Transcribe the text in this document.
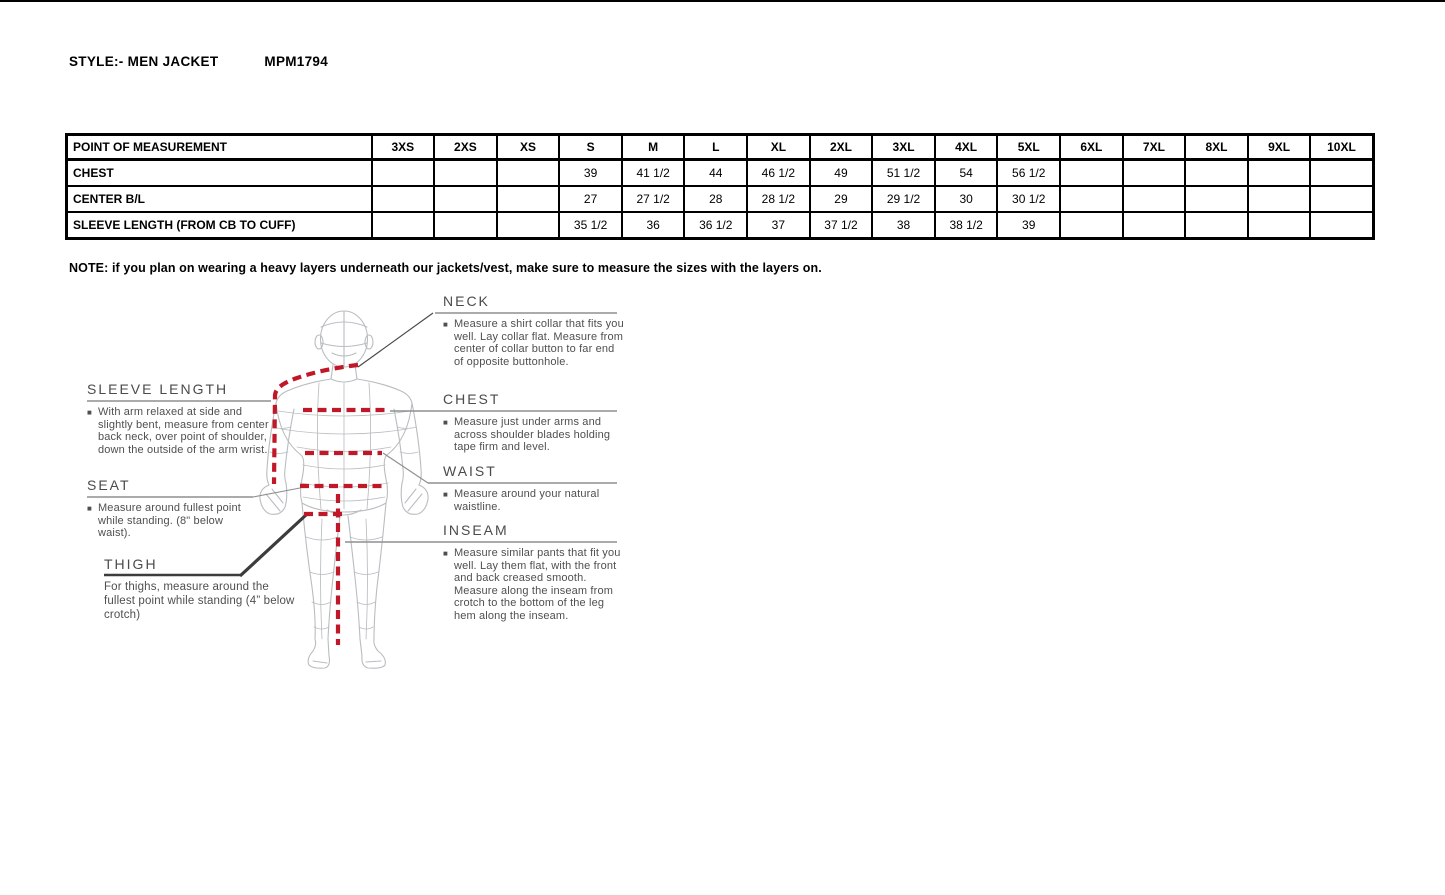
STYLE:- MEN JACKET	MPM1794
POINT OF MEASUREMENT	3XS	2XS	XS	S	M	L	XL	2XL	3XL	4XL	5XL	6XL	7XL	8XL	9XL	10XL
CHEST				39	41 1/2	44	46 1/2	49	51 1/2	54	56 1/2					
CENTER B/L				27	27 1/2	28	28 1/2	29	29 1/2	30	30 1/2					
SLEEVE LENGTH (FROM CB TO CUFF)				35 1/2	36	36 1/2	37	37 1/2	38	38 1/2	39					

NOTE: if you plan on wearing a heavy layers underneath our jackets/vest, make sure to measure the sizes with the layers on.

NECK
■ Measure a shirt collar that fits you well. Lay collar flat. Measure from center of collar button to far end of opposite buttonhole.
CHEST
■ Measure just under arms and across shoulder blades holding tape firm and level.
WAIST
■ Measure around your natural waistline.
INSEAM
■ Measure similar pants that fit you well. Lay them flat, with the front and back creased smooth. Measure along the inseam from crotch to the bottom of the leg hem along the inseam.
SLEEVE LENGTH
■ With arm relaxed at side and slightly bent, measure from center back neck, over point of shoulder, down the outside of the arm wrist.
SEAT
■ Measure around fullest point while standing. (8" below waist).
THIGH
For thighs, measure around the fullest point while standing (4” below crotch)
